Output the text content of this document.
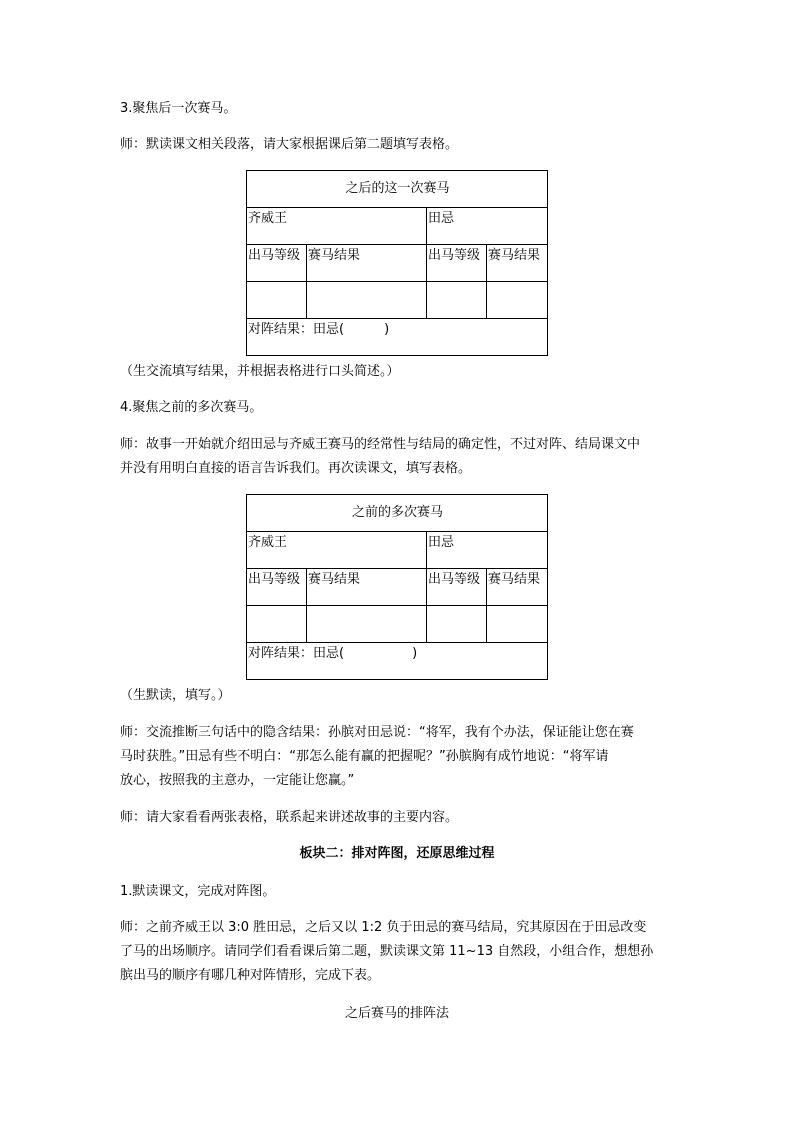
3.聚焦后一次赛马。
师：默读课文相关段落，请大家根据课后第二题填写表格。
之后的这一次赛马			
齐威王		田忌	
出马等级	赛马结果	出马等级	赛马结果

对阵结果：田忌( )			
（生交流填写结果，并根据表格进行口头简述。）
4.聚焦之前的多次赛马。
师：故事一开始就介绍田忌与齐威王赛马的经常性与结局的确定性，不过对阵、结局课文中
并没有用明白直接的语言告诉我们。再次读课文，填写表格。
之前的多次赛马			
齐威王		田忌	
出马等级	赛马结果	出马等级	赛马结果

对阵结果：田忌( )			
（生默读，填写。）
师：交流推断三句话中的隐含结果：孙膑对田忌说：“将军，我有个办法，保证能让您在赛
马时获胜。”田忌有些不明白：“那怎么能有赢的把握呢？”孙膑胸有成竹地说：“将军请
放心，按照我的主意办，一定能让您赢。”
师：请大家看看两张表格，联系起来讲述故事的主要内容。
板块二：排对阵图，还原思维过程
1.默读课文，完成对阵图。
师：之前齐威王以 3:0 胜田忌，之后又以 1:2 负于田忌的赛马结局，究其原因在于田忌改变
了马的出场顺序。请同学们看看课后第二题，默读课文第 11~13 自然段，小组合作，想想孙
膑出马的顺序有哪几种对阵情形，完成下表。
之后赛马的排阵法
